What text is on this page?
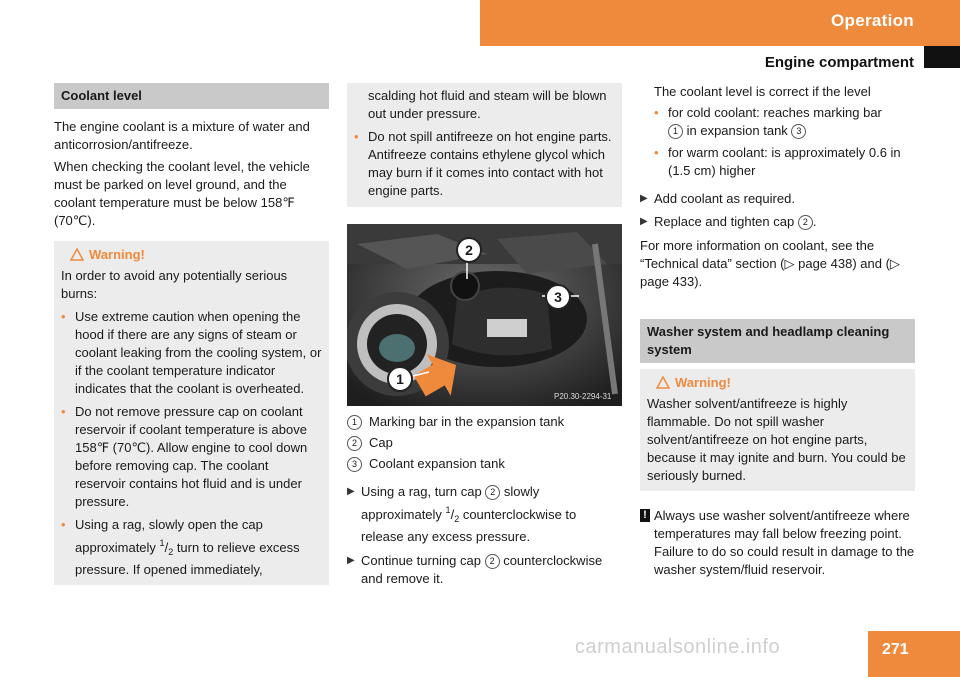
Operation
Engine compartment
Coolant level

The engine coolant is a mixture of water and anticorrosion/antifreeze.

When checking the coolant level, the vehicle must be parked on level ground, and the coolant temperature must be below 158℉ (70℃).

Warning!

In order to avoid any potentially serious burns:

• Use extreme caution when opening the hood if there are any signs of steam or coolant leaking from the cooling system, or if the coolant temperature indicator indicates that the coolant is overheated.
• Do not remove pressure cap on coolant reservoir if coolant temperature is above 158℉ (70℃). Allow engine to cool down before removing cap. The coolant reservoir contains hot fluid and is under pressure.
• Using a rag, slowly open the cap approximately $^1/_2$ turn to relieve excess pressure. If opened immediately,

scalding hot fluid and steam will be blown out under pressure.

• Do not spill antifreeze on hot engine parts. Antifreeze contains ethylene glycol which may burn if it comes into contact with hot engine parts.
2
3
1
P20.30-2294-31
1 Marking bar in the expansion tank
2 Cap
3 Coolant expansion tank
▶ Using a rag, turn cap 2 slowly approximately $^1/_2$ counterclockwise to release any excess pressure.
▶ Continue turning cap 2 counterclockwise and remove it.

The coolant level is correct if the level

• for cold coolant: reaches marking bar
1 in expansion tank 3
• for warm coolant: is approximately 0.6 in (1.5 cm) higher
▶ Add coolant as required.
▶ Replace and tighten cap 2 .

For more information on coolant, see the “Technical data” section (▷ page 438) and (▷ page 433).

Washer system and headlamp cleaning system
Warning!

Washer solvent/antifreeze is highly flammable. Do not spill washer solvent/antifreeze on hot engine parts, because it may ignite and burn. You could be seriously burned.

! Always use washer solvent/antifreeze where temperatures may fall below freezing point. Failure to do so could result in damage to the washer system/fluid reservoir.
271
carmanualsonline.info
